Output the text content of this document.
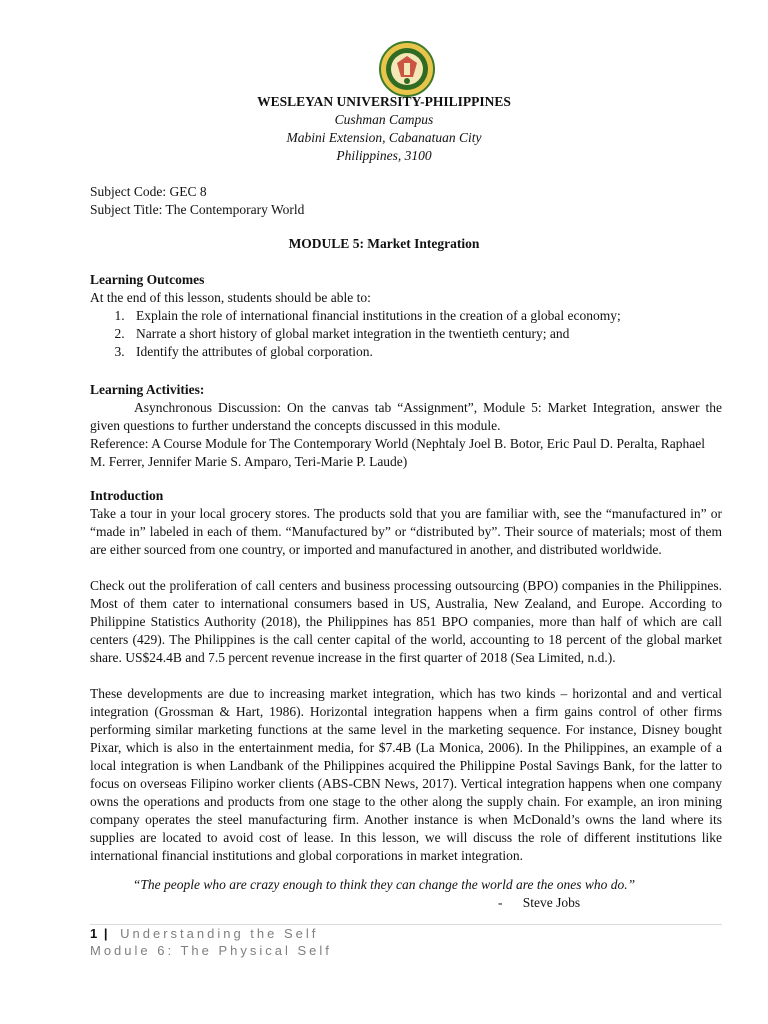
WESLEYAN UNIVERSITY-PHILIPPINES
Cushman Campus
Mabini Extension, Cabanatuan City
Philippines, 3100
Subject Code: GEC 8
Subject Title: The Contemporary World
MODULE 5: Market Integration
Learning Outcomes
At the end of this lesson, students should be able to:
1. Explain the role of international financial institutions in the creation of a global economy;
2. Narrate a short history of global market integration in the twentieth century; and
3. Identify the attributes of global corporation.
Learning Activities:

Asynchronous Discussion: On the canvas tab “Assignment”, Module 5: Market Integration, answer the given questions to further understand the concepts discussed in this module.

Reference: A Course Module for The Contemporary World (Nephtaly Joel B. Botor, Eric Paul D. Peralta, Raphael M. Ferrer, Jennifer Marie S. Amparo, Teri-Marie P. Laude)

Introduction

Take a tour in your local grocery stores. The products sold that you are familiar with, see the “manufactured in” or “made in” labeled in each of them. “Manufactured by” or “distributed by”. Their source of materials; most of them are either sourced from one country, or imported and manufactured in another, and distributed worldwide.

Check out the proliferation of call centers and business processing outsourcing (BPO) companies in the Philippines. Most of them cater to international consumers based in US, Australia, New Zealand, and Europe. According to Philippine Statistics Authority (2018), the Philippines has 851 BPO companies, more than half of which are call centers (429). The Philippines is the call center capital of the world, accounting to 18 percent of the global market share. US$24.4B and 7.5 percent revenue increase in the first quarter of 2018 (Sea Limited, n.d.).

These developments are due to increasing market integration, which has two kinds – horizontal and and vertical integration (Grossman & Hart, 1986). Horizontal integration happens when a firm gains control of other firms performing similar marketing functions at the same level in the marketing sequence. For instance, Disney bought Pixar, which is also in the entertainment media, for $7.4B (La Monica, 2006). In the Philippines, an example of a local integration is when Landbank of the Philippines acquired the Philippine Postal Savings Bank, for the latter to focus on overseas Filipino worker clients (ABS-CBN News, 2017). Vertical integration happens when one company owns the operations and products from one stage to the other along the supply chain. For example, an iron mining company operates the steel manufacturing firm. Another instance is when McDonald’s owns the land where its supplies are located to avoid cost of lease. In this lesson, we will discuss the role of different institutions like international financial institutions and global corporations in market integration.

“The people who are crazy enough to think they can change the world are the ones who do.”
-      Steve Jobs
1 | Understanding the Self
Module 6: The Physical Self
